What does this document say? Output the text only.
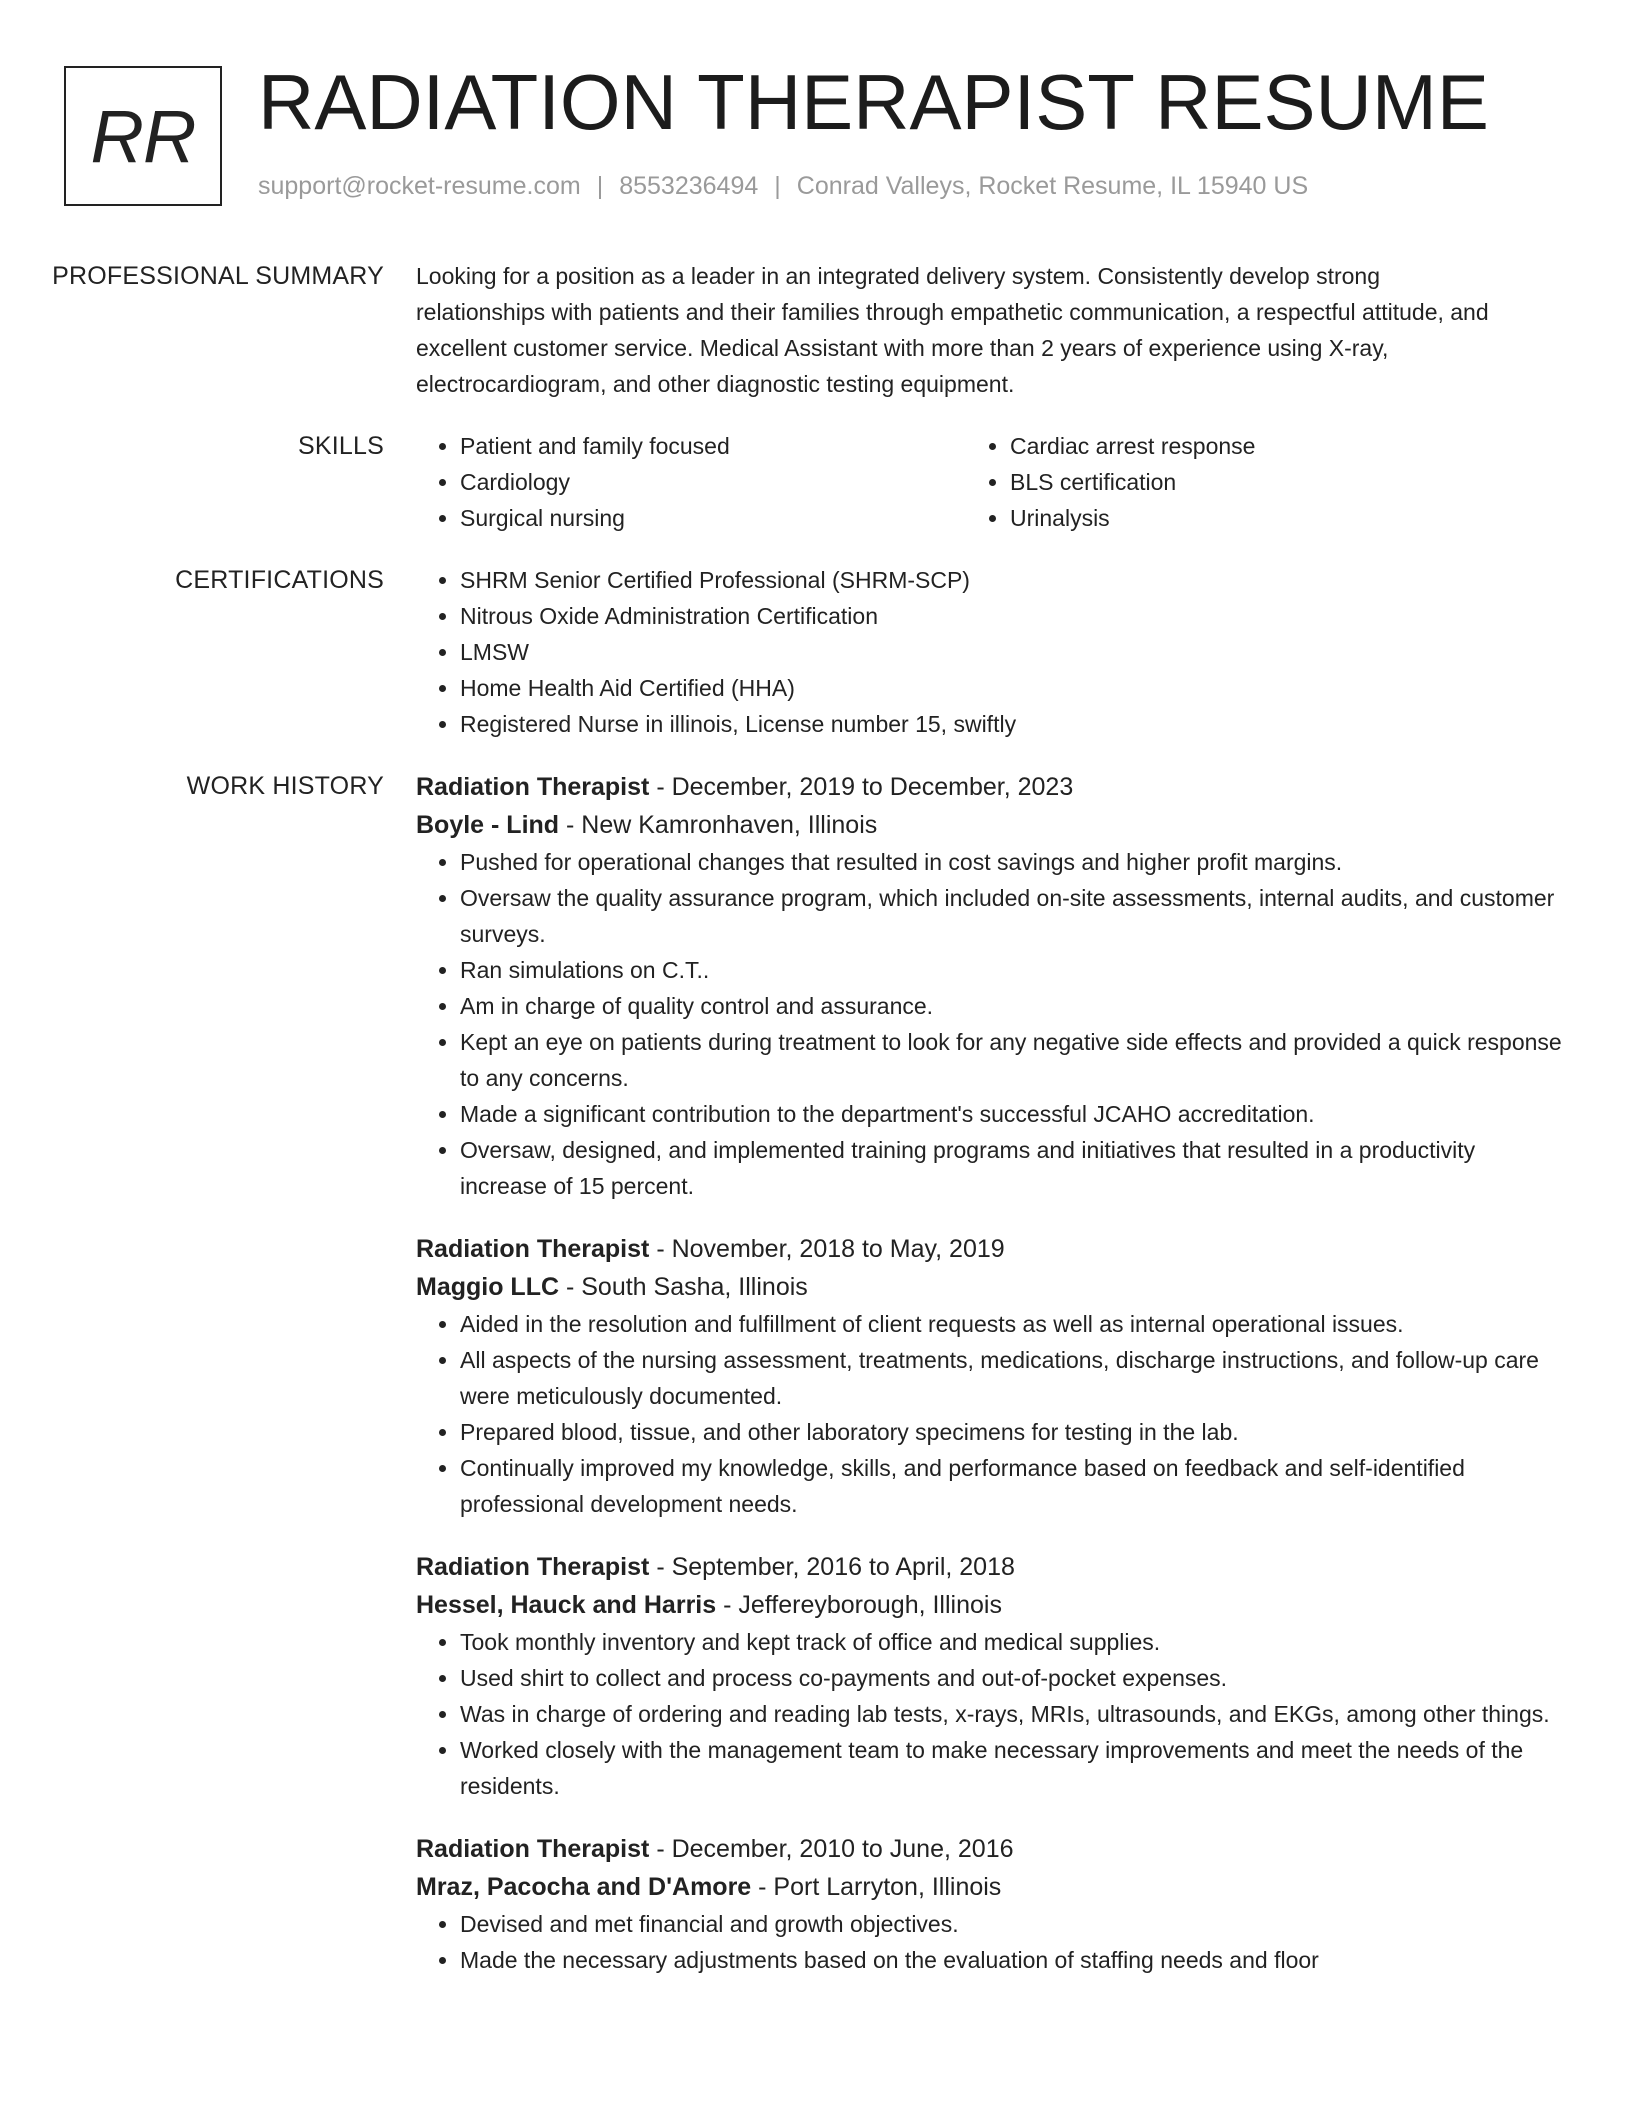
RR RADIATION THERAPIST RESUME
support@rocket-resume.com | 8553236494 | Conrad Valleys, Rocket Resume, IL 15940 US
PROFESSIONAL SUMMARY	Looking for a position as a leader in an integrated delivery system. Consistently develop strong relationships with patients and their families through empathetic communication, a respectful attitude, and excellent customer service. Medical Assistant with more than 2 years of experience using X-ray, electrocardiogram, and other diagnostic testing equipment.

SKILLS	• Patient and family focused
• Cardiology
• Surgical nursing
• Cardiac arrest response
• BLS certification
• Urinalysis
CERTIFICATIONS	• SHRM Senior Certified Professional (SHRM-SCP)
• Nitrous Oxide Administration Certification
• LMSW
• Home Health Aid Certified (HHA)
• Registered Nurse in illinois, License number 15, swiftly
WORK HISTORY	Radiation Therapist - December, 2019 to December, 2023
Boyle - Lind - New Kamronhaven, Illinois
• Pushed for operational changes that resulted in cost savings and higher profit margins.
• Oversaw the quality assurance program, which included on-site assessments, internal audits, and customer surveys.
• Ran simulations on C.T..
• Am in charge of quality control and assurance.
• Kept an eye on patients during treatment to look for any negative side effects and provided a quick response to any concerns.
• Made a significant contribution to the department's successful JCAHO accreditation.
• Oversaw, designed, and implemented training programs and initiatives that resulted in a productivity increase of 15 percent.
Radiation Therapist - November, 2018 to May, 2019
Maggio LLC - South Sasha, Illinois
• Aided in the resolution and fulfillment of client requests as well as internal operational issues.
• All aspects of the nursing assessment, treatments, medications, discharge instructions, and follow-up care were meticulously documented.
• Prepared blood, tissue, and other laboratory specimens for testing in the lab.
• Continually improved my knowledge, skills, and performance based on feedback and self-identified professional development needs.
Radiation Therapist - September, 2016 to April, 2018
Hessel, Hauck and Harris - Jeffereyborough, Illinois
• Took monthly inventory and kept track of office and medical supplies.
• Used shirt to collect and process co-payments and out-of-pocket expenses.
• Was in charge of ordering and reading lab tests, x-rays, MRIs, ultrasounds, and EKGs, among other things.
• Worked closely with the management team to make necessary improvements and meet the needs of the residents.
Radiation Therapist - December, 2010 to June, 2016
Mraz, Pacocha and D'Amore - Port Larryton, Illinois
• Devised and met financial and growth objectives.
• Made the necessary adjustments based on the evaluation of staffing needs and floor
